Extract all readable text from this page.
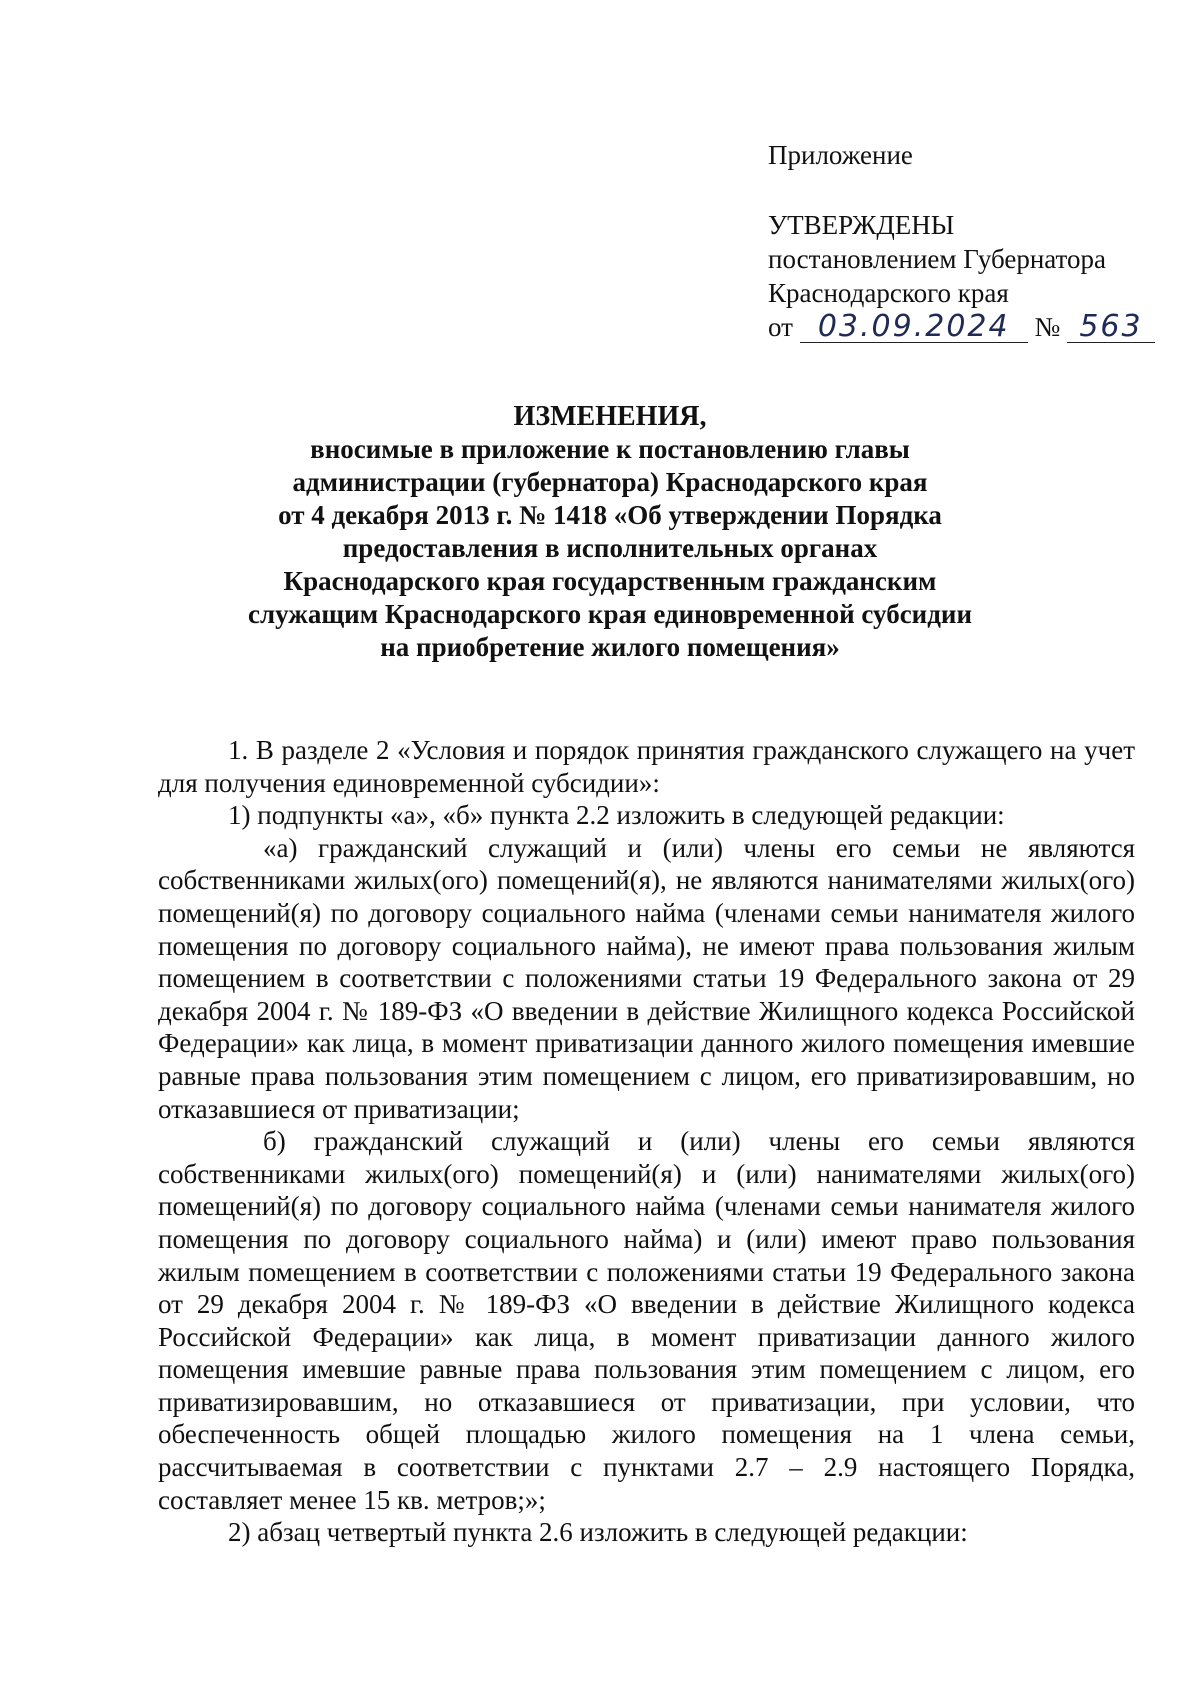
Приложение
УТВЕРЖДЕНЫ
постановлением Губернатора
Краснодарского края
от 03.09.2024 № 563
ИЗМЕНЕНИЯ,
вносимые в приложение к постановлению главы
администрации (губернатора) Краснодарского края
от 4 декабря 2013 г. № 1418 «Об утверждении Порядка
предоставления в исполнительных органах
Краснодарского края государственным гражданским
служащим Краснодарского края единовременной субсидии
на приобретение жилого помещения»

1. В разделе 2 «Условия и порядок принятия гражданского служащего на учет для получения единовременной субсидии»:

1) подпункты «а», «б» пункта 2.2 изложить в следующей редакции:

«а) гражданский служащий и (или) члены его семьи не являются собственниками жилых(ого) помещений(я), не являются нанимателями жилых(ого) помещений(я) по договору социального найма (членами семьи нанимателя жилого помещения по договору социального найма), не имеют права пользования жилым помещением в соответствии с положениями статьи 19 Федерального закона от 29 декабря 2004 г. № 189-ФЗ «О введении в действие Жилищного кодекса Российской Федерации» как лица, в момент приватизации данного жилого помещения имевшие равные права пользования этим помещением с лицом, его приватизировавшим, но отказавшиеся от приватизации;

б) гражданский служащий и (или) члены его семьи являются собственниками жилых(ого) помещений(я) и (или) нанимателями жилых(ого) помещений(я) по договору социального найма (членами семьи нанимателя жилого помещения по договору социального найма) и (или) имеют право пользования жилым помещением в соответствии с положениями статьи 19 Федерального закона от 29 декабря 2004 г. № 189-ФЗ «О введении в действие Жилищного кодекса Российской Федерации» как лица, в момент приватизации данного жилого помещения имевшие равные права пользования этим помещением с лицом, его приватизировавшим, но отказавшиеся от приватизации, при условии, что обеспеченность общей площадью жилого помещения на 1 члена семьи, рассчитываемая в соответствии с пунктами 2.7 – 2.9 настоящего Порядка, составляет менее 15 кв. метров;»;

2) абзац четвертый пункта 2.6 изложить в следующей редакции:
